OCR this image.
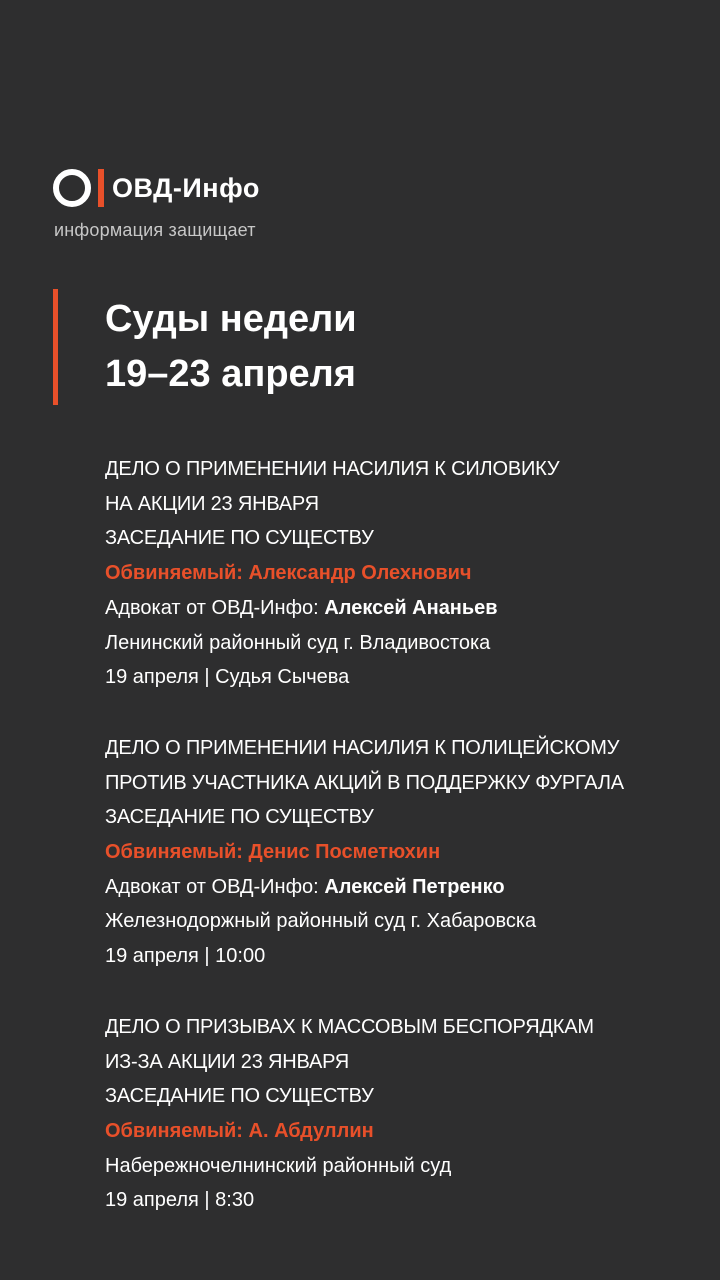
ОВД-Инфо
информация защищает
Суды недели
19–23 апреля
ДЕЛО О ПРИМЕНЕНИИ НАСИЛИЯ К СИЛОВИКУ
НА АКЦИИ 23 ЯНВАРЯ
ЗАСЕДАНИЕ ПО СУЩЕСТВУ
Обвиняемый: Александр Олехнович
Адвокат от ОВД-Инфо: Алексей Ананьев
Ленинский районный суд г. Владивостока
19 апреля | Судья Сычева
ДЕЛО О ПРИМЕНЕНИИ НАСИЛИЯ К ПОЛИЦЕЙСКОМУ
ПРОТИВ УЧАСТНИКА АКЦИЙ В ПОДДЕРЖКУ ФУРГАЛА
ЗАСЕДАНИЕ ПО СУЩЕСТВУ
Обвиняемый: Денис Посметюхин
Адвокат от ОВД-Инфо: Алексей Петренко
Железнодоржный районный суд г. Хабаровска
19 апреля | 10:00
ДЕЛО О ПРИЗЫВАХ К МАССОВЫМ БЕСПОРЯДКАМ
ИЗ-ЗА АКЦИИ 23 ЯНВАРЯ
ЗАСЕДАНИЕ ПО СУЩЕСТВУ
Обвиняемый: А. Абдуллин
Набережночелнинский районный суд
19 апреля | 8:30
